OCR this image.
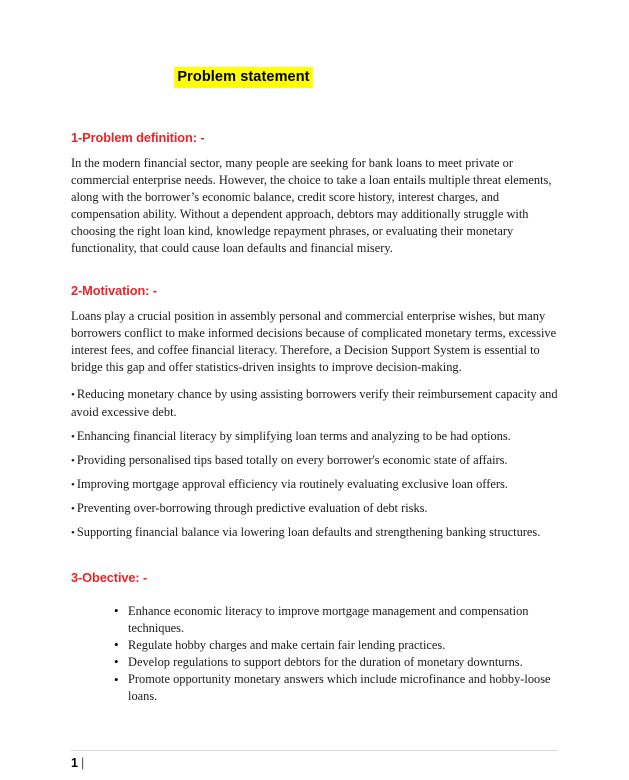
Problem statement
1-Problem definition: -

In the modern financial sector, many people are seeking for bank loans to meet private or commercial enterprise needs. However, the choice to take a loan entails multiple threat elements, along with the borrower’s economic balance, credit score history, interest charges, and compensation ability. Without a dependent approach, debtors may additionally struggle with choosing the right loan kind, knowledge repayment phrases, or evaluating their monetary functionality, that could cause loan defaults and financial misery.

2-Motivation: -

Loans play a crucial position in assembly personal and commercial enterprise wishes, but many borrowers conflict to make informed decisions because of complicated monetary terms, excessive interest fees, and coffee financial literacy. Therefore, a Decision Support System is essential to bridge this gap and offer statistics-driven insights to improve decision-making.

• Reducing monetary chance by using assisting borrowers verify their reimbursement capacity and avoid excessive debt.

• Enhancing financial literacy by simplifying loan terms and analyzing to be had options.

• Providing personalised tips based totally on every borrower's economic state of affairs.

• Improving mortgage approval efficiency via routinely evaluating exclusive loan offers.

• Preventing over-borrowing through predictive evaluation of debt risks.

• Supporting financial balance via lowering loan defaults and strengthening banking structures.

3-Obective: -
• Enhance economic literacy to improve mortgage management and compensation techniques.
• Regulate hobby charges and make certain fair lending practices.
• Develop regulations to support debtors for the duration of monetary downturns.
• Promote opportunity monetary answers which include microfinance and hobby-loose loans.

1 |
